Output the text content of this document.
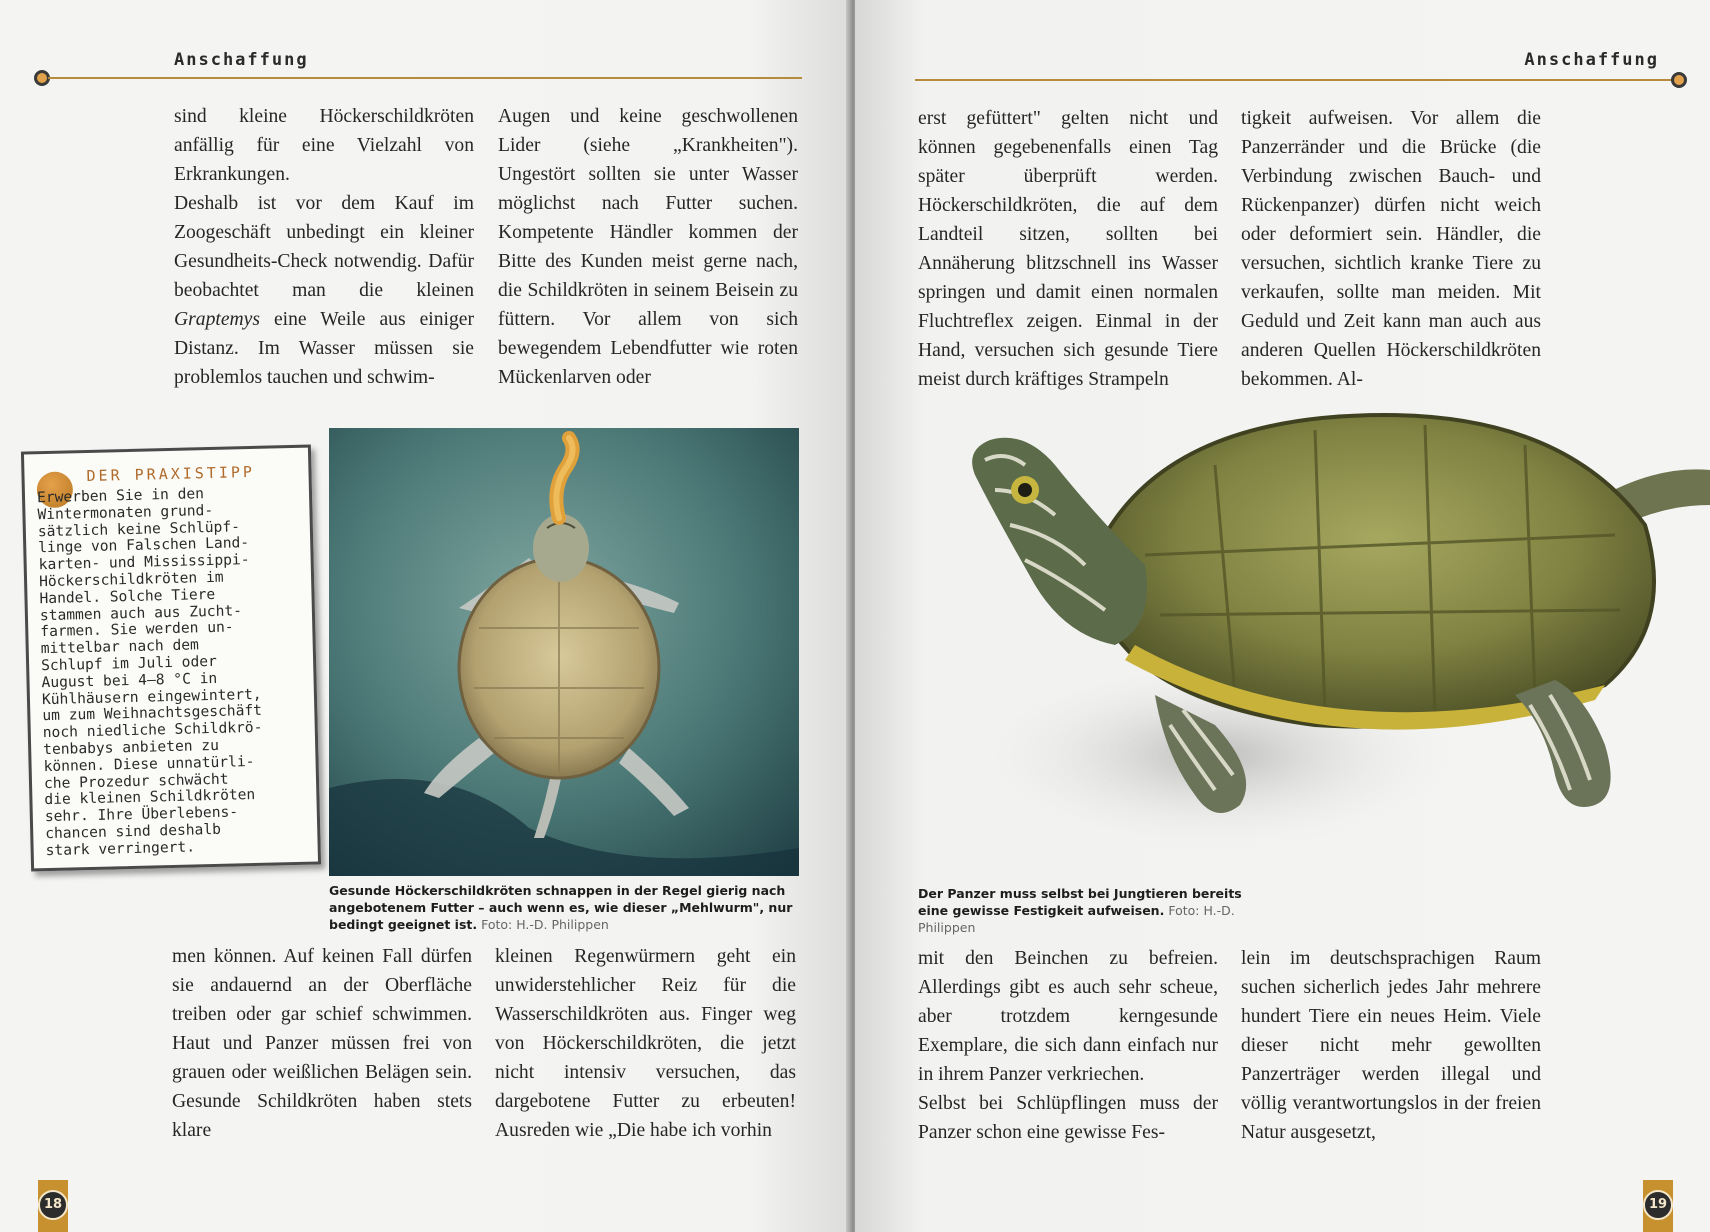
Anschaffung

sind kleine Höckerschildkröten anfällig für eine Vielzahl von Erkrankungen.

Deshalb ist vor dem Kauf im Zoogeschäft unbedingt ein kleiner Gesundheits-Check notwendig. Dafür beobachtet man die kleinen Graptemys eine Weile aus einiger Distanz. Im Wasser müssen sie problemlos tauchen und schwim-

Augen und keine geschwollenen Lider (siehe „Krankheiten"). Ungestört sollten sie unter Wasser möglichst nach Futter suchen. Kompetente Händler kommen der Bitte des Kunden meist gerne nach, die Schildkröten in seinem Beisein zu füttern. Vor allem von sich bewegendem Lebendfutter wie roten Mückenlarven oder

DER PRAXISTIPP
Erwerben Sie in den
Wintermonaten grund-
sätzlich keine Schlüpf-
linge von Falschen Land-
karten- und Mississippi-
Höckerschildkröten im
Handel. Solche Tiere
stammen auch aus Zucht-
farmen. Sie werden un-
mittelbar nach dem
Schlupf im Juli oder
August bei 4–8 °C in
Kühlhäusern eingewintert,
um zum Weihnachtsgeschäft
noch niedliche Schildkrö-
tenbabys anbieten zu
können. Diese unnatürli-
che Prozedur schwächt
die kleinen Schildkröten
sehr. Ihre Überlebens-
chancen sind deshalb
stark verringert.
Gesunde Höckerschildkröten schnappen in der Regel gierig nach angebotenem Futter – auch wenn es, wie dieser „Mehlwurm", nur bedingt geeignet ist. Foto: H.-D. Philippen

men können. Auf keinen Fall dürfen sie andauernd an der Oberfläche treiben oder gar schief schwimmen. Haut und Panzer müssen frei von grauen oder weißlichen Belägen sein. Gesunde Schildkröten haben stets klare

kleinen Regenwürmern geht ein unwiderstehlicher Reiz für die Wasserschildkröten aus. Finger weg von Höckerschildkröten, die jetzt nicht intensiv versuchen, das dargebotene Futter zu erbeuten! Ausreden wie „Die habe ich vorhin

18
Anschaffung

erst gefüttert" gelten nicht und können gegebenenfalls einen Tag später überprüft werden. Höckerschildkröten, die auf dem Landteil sitzen, sollten bei Annäherung blitzschnell ins Wasser springen und damit einen normalen Fluchtreflex zeigen. Einmal in der Hand, versuchen sich gesunde Tiere meist durch kräftiges Strampeln

tigkeit aufweisen. Vor allem die Panzerränder und die Brücke (die Verbindung zwischen Bauch- und Rückenpanzer) dürfen nicht weich oder deformiert sein. Händler, die versuchen, sichtlich kranke Tiere zu verkaufen, sollte man meiden. Mit Geduld und Zeit kann man auch aus anderen Quellen Höckerschildkröten bekommen. Al-

Der Panzer muss selbst bei Jungtieren bereits eine gewisse Festigkeit aufweisen. Foto: H.-D. Philippen

mit den Beinchen zu befreien. Allerdings gibt es auch sehr scheue, aber trotzdem kerngesunde Exemplare, die sich dann einfach nur in ihrem Panzer verkriechen.

Selbst bei Schlüpflingen muss der Panzer schon eine gewisse Fes-

lein im deutschsprachigen Raum suchen sicherlich jedes Jahr mehrere hundert Tiere ein neues Heim. Viele dieser nicht mehr gewollten Panzerträger werden illegal und völlig verantwortungslos in der freien Natur ausgesetzt,

19
